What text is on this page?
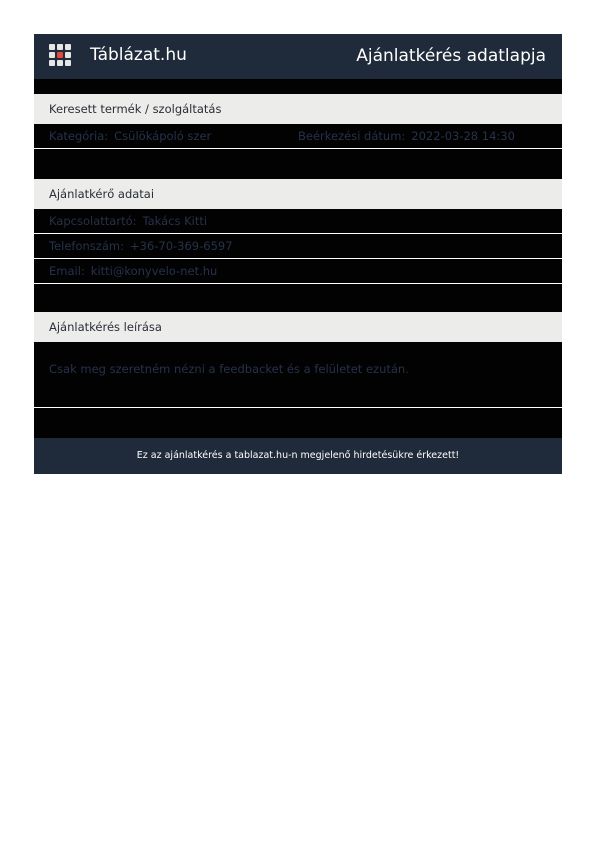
Táblázat.hu	Ajánlatkérés adatlapja
Keresett termék / szolgáltatás
Kategória: Csülökápoló szer	Beérkezési dátum: 2022-03-28 14:30
Ajánlatkérő adatai
Kapcsolattartó: Takács Kitti
Telefonszám: +36-70-369-6597
Email: kitti@konyvelo-net.hu
Ajánlatkérés leírása
Csak meg szeretném nézni a feedbacket és a felületet ezután.
Ez az ajánlatkérés a tablazat.hu-n megjelenő hirdetésükre érkezett!
